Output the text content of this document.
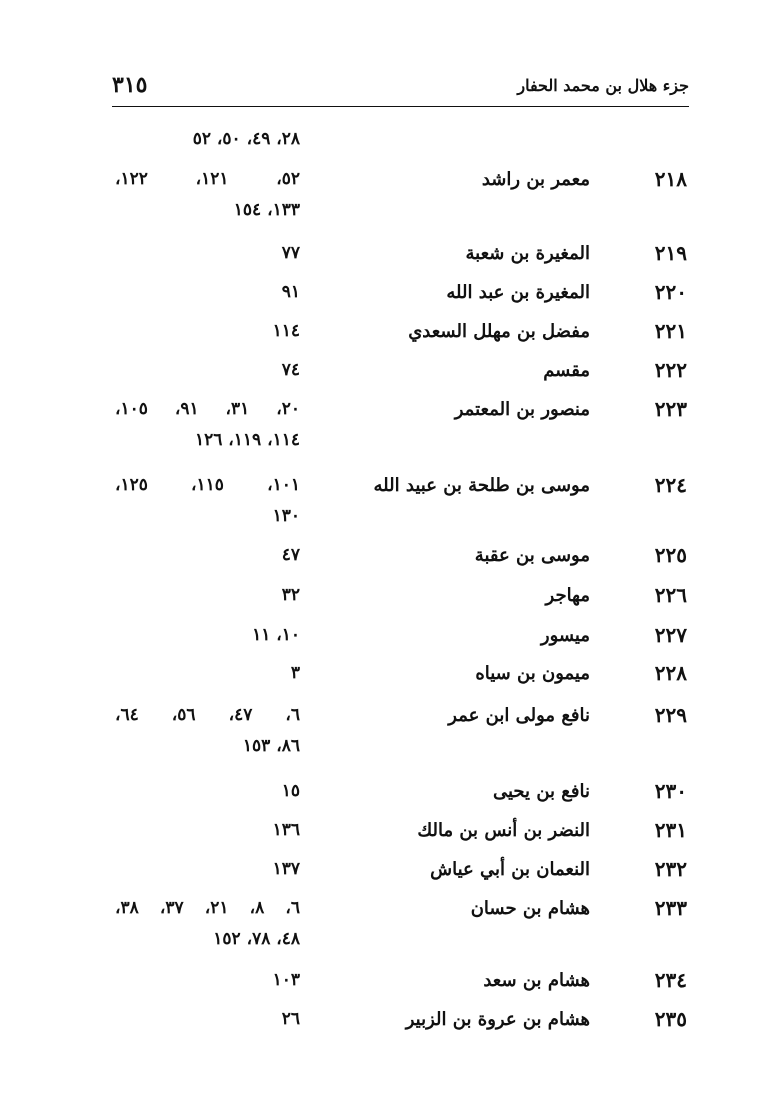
جزء هلال بن محمد الحفار
٣١٥
٢٨، ٤٩، ٥٠، ٥٢
٢١٨
معمر بن راشد
٥٢، ١٢١، ١٢٢،
١٣٣، ١٥٤
٢١٩
المغيرة بن شعبة
٧٧
٢٢٠
المغيرة بن عبد الله
٩١
٢٢١
مفضل بن مهلل السعدي
١١٤
٢٢٢
مقسم
٧٤
٢٢٣
منصور بن المعتمر
٢٠، ٣١، ٩١، ١٠٥،
١١٤، ١١٩، ١٢٦
٢٢٤
موسى بن طلحة بن عبيد الله
١٠١، ١١٥، ١٢٥،
١٣٠
٢٢٥
موسى بن عقبة
٤٧
٢٢٦
مهاجر
٣٢
٢٢٧
ميسور
١٠، ١١
٢٢٨
ميمون بن سياه
٣
٢٢٩
نافع مولى ابن عمر
٦، ٤٧، ٥٦، ٦٤،
٨٦، ١٥٣
٢٣٠
نافع بن يحيى
١٥
٢٣١
النضر بن أنس بن مالك
١٣٦
٢٣٢
النعمان بن أبي عياش
١٣٧
٢٣٣
هشام بن حسان
٦، ٨، ٢١، ٣٧، ٣٨،
٤٨، ٧٨، ١٥٢
٢٣٤
هشام بن سعد
١٠٣
٢٣٥
هشام بن عروة بن الزبير
٢٦
